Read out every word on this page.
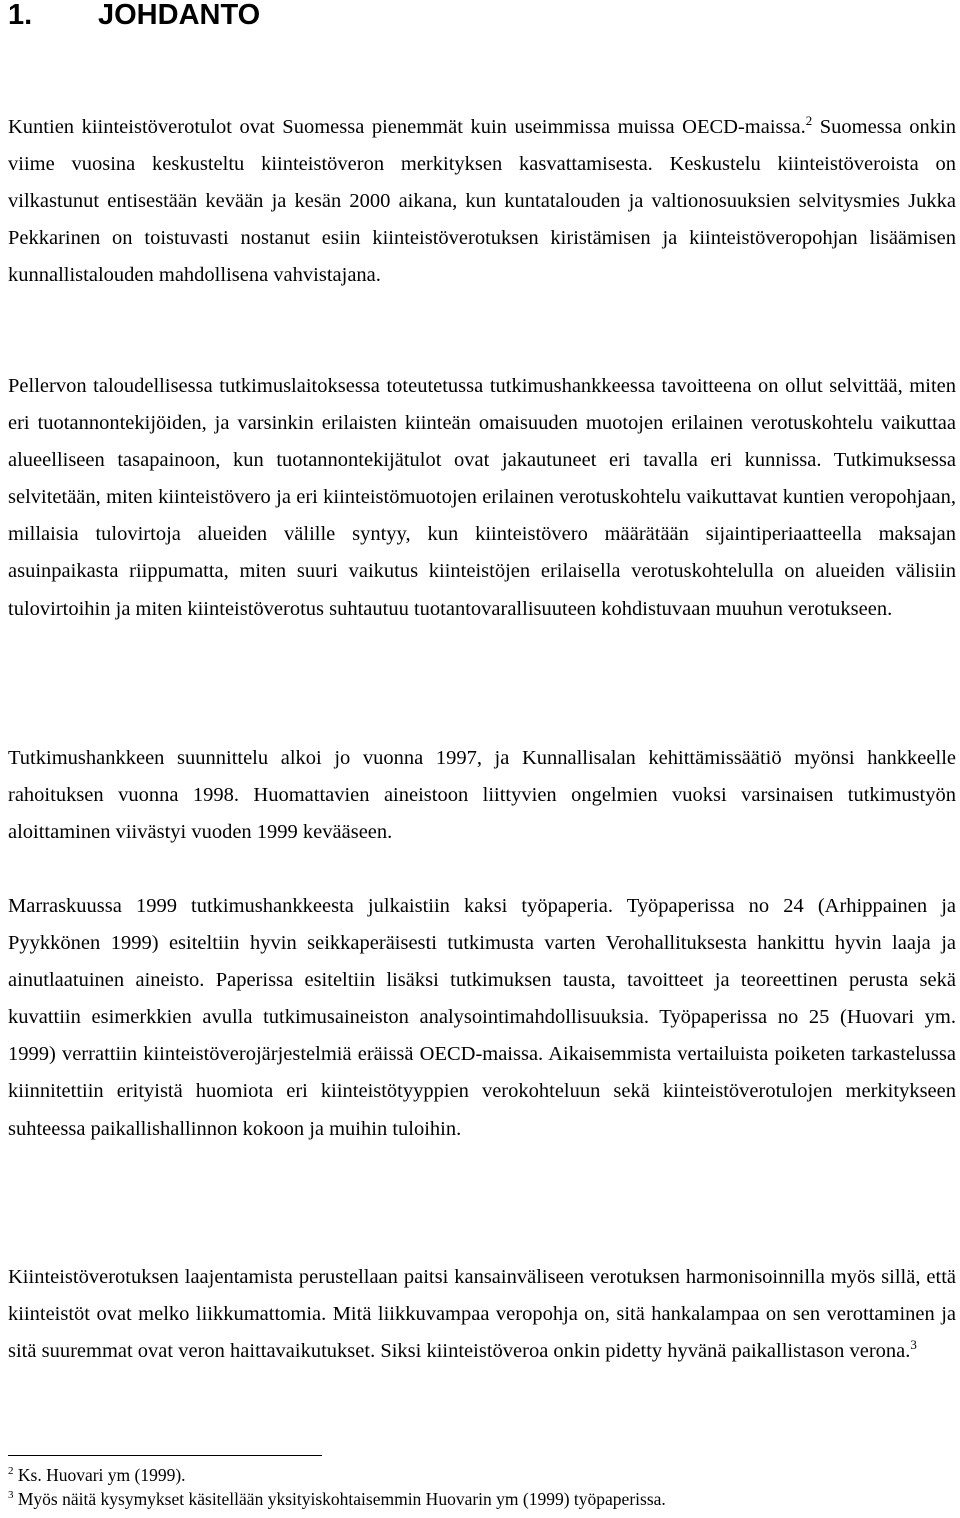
1. JOHDANTO

Kuntien kiinteistöverotulot ovat Suomessa pienemmät kuin useimmissa muissa OECD-maissa.$^2$ Suomessa onkin viime vuosina keskusteltu kiinteistöveron merkityksen kasvattamisesta. Keskustelu kiinteistöveroista on vilkastunut entisestään kevään ja kesän 2000 aikana, kun kuntatalouden ja valtionosuuksien selvitysmies Jukka Pekkarinen on toistuvasti nostanut esiin kiinteistöverotuksen kiristämisen ja kiinteistöveropohjan lisäämisen kunnallistalouden mahdollisena vahvistajana.

Pellervon taloudellisessa tutkimuslaitoksessa toteutetussa tutkimushankkeessa tavoitteena on ollut selvittää, miten eri tuotannontekijöiden, ja varsinkin erilaisten kiinteän omaisuuden muotojen erilainen verotuskohtelu vaikuttaa alueelliseen tasapainoon, kun tuotannontekijätulot ovat jakautuneet eri tavalla eri kunnissa. Tutkimuksessa selvitetään, miten kiinteistövero ja eri kiinteistömuotojen erilainen verotuskohtelu vaikuttavat kuntien veropohjaan, millaisia tulovirtoja alueiden välille syntyy, kun kiinteistövero määrätään sijaintiperiaatteella maksajan asuinpaikasta riippumatta, miten suuri vaikutus kiinteistöjen erilaisella verotuskohtelulla on alueiden välisiin tulovirtoihin ja miten kiinteistöverotus suhtautuu tuotantovarallisuuteen kohdistuvaan muuhun verotukseen.

Tutkimushankkeen suunnittelu alkoi jo vuonna 1997, ja Kunnallisalan kehittämissäätiö myönsi hankkeelle rahoituksen vuonna 1998. Huomattavien aineistoon liittyvien ongelmien vuoksi varsinaisen tutkimustyön aloittaminen viivästyi vuoden 1999 kevääseen.

Marraskuussa 1999 tutkimushankkeesta julkaistiin kaksi työpaperia. Työpaperissa no 24 (Arhippainen ja Pyykkönen 1999) esiteltiin hyvin seikkaperäisesti tutkimusta varten Verohallituksesta hankittu hyvin laaja ja ainutlaatuinen aineisto. Paperissa esiteltiin lisäksi tutkimuksen tausta, tavoitteet ja teoreettinen perusta sekä kuvattiin esimerkkien avulla tutkimusaineiston analysointimahdollisuuksia. Työpaperissa no 25 (Huovari ym. 1999) verrattiin kiinteistöverojärjestelmiä eräissä OECD-maissa. Aikaisemmista vertailuista poiketen tarkastelussa kiinnitettiin erityistä huomiota eri kiinteistötyyppien verokohteluun sekä kiinteistöverotulojen merkitykseen suhteessa paikallishallinnon kokoon ja muihin tuloihin.

Kiinteistöverotuksen laajentamista perustellaan paitsi kansainväliseen verotuksen harmonisoinnilla myös sillä, että kiinteistöt ovat melko liikkumattomia. Mitä liikkuvampaa veropohja on, sitä hankalampaa on sen verottaminen ja sitä suuremmat ovat veron haittavaikutukset. Siksi kiinteistöveroa onkin pidetty hyvänä paikallistason verona.$^3$

$^2$ Ks. Huovari ym (1999).

$^3$ Myös näitä kysymykset käsitellään yksityiskohtaisemmin Huovarin ym (1999) työpaperissa.
